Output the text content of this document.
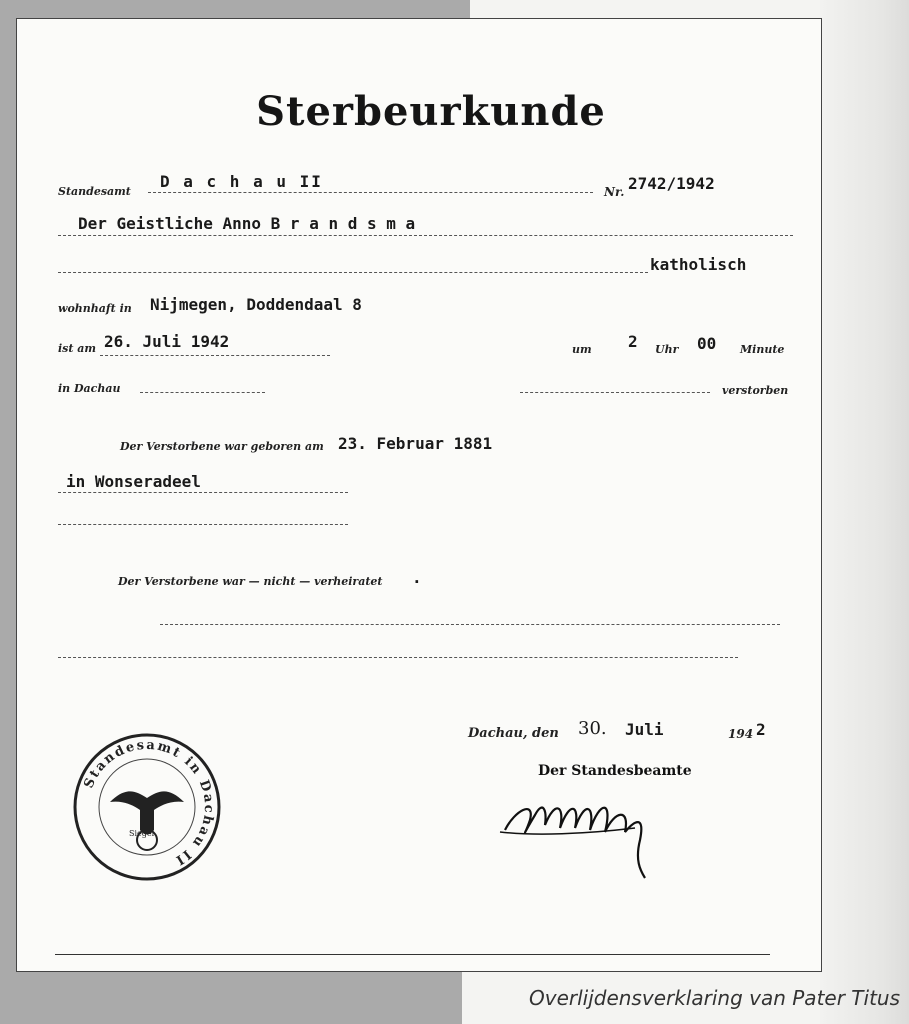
Sterbeurkunde
Standesamt
D a c h a u II
Nr. 2742/1942
Der Geistliche Anno B r a n d s m a
katholisch
wohnhaft in Nijmegen, Doddendaal 8
ist am 26. Juli 1942	um 2 Uhr 00 Minute
in Dachau	verstorben
Der Verstorbene war geboren am 23. Februar 1881
in Wonseradeel
Der Verstorbene war — nicht — verheiratet .
Dachau, den 30. Juli	194 2
Der Standesbeamte
Standesamt in Dachau II
Siegel
Overlijdensverklaring van Pater Titus
